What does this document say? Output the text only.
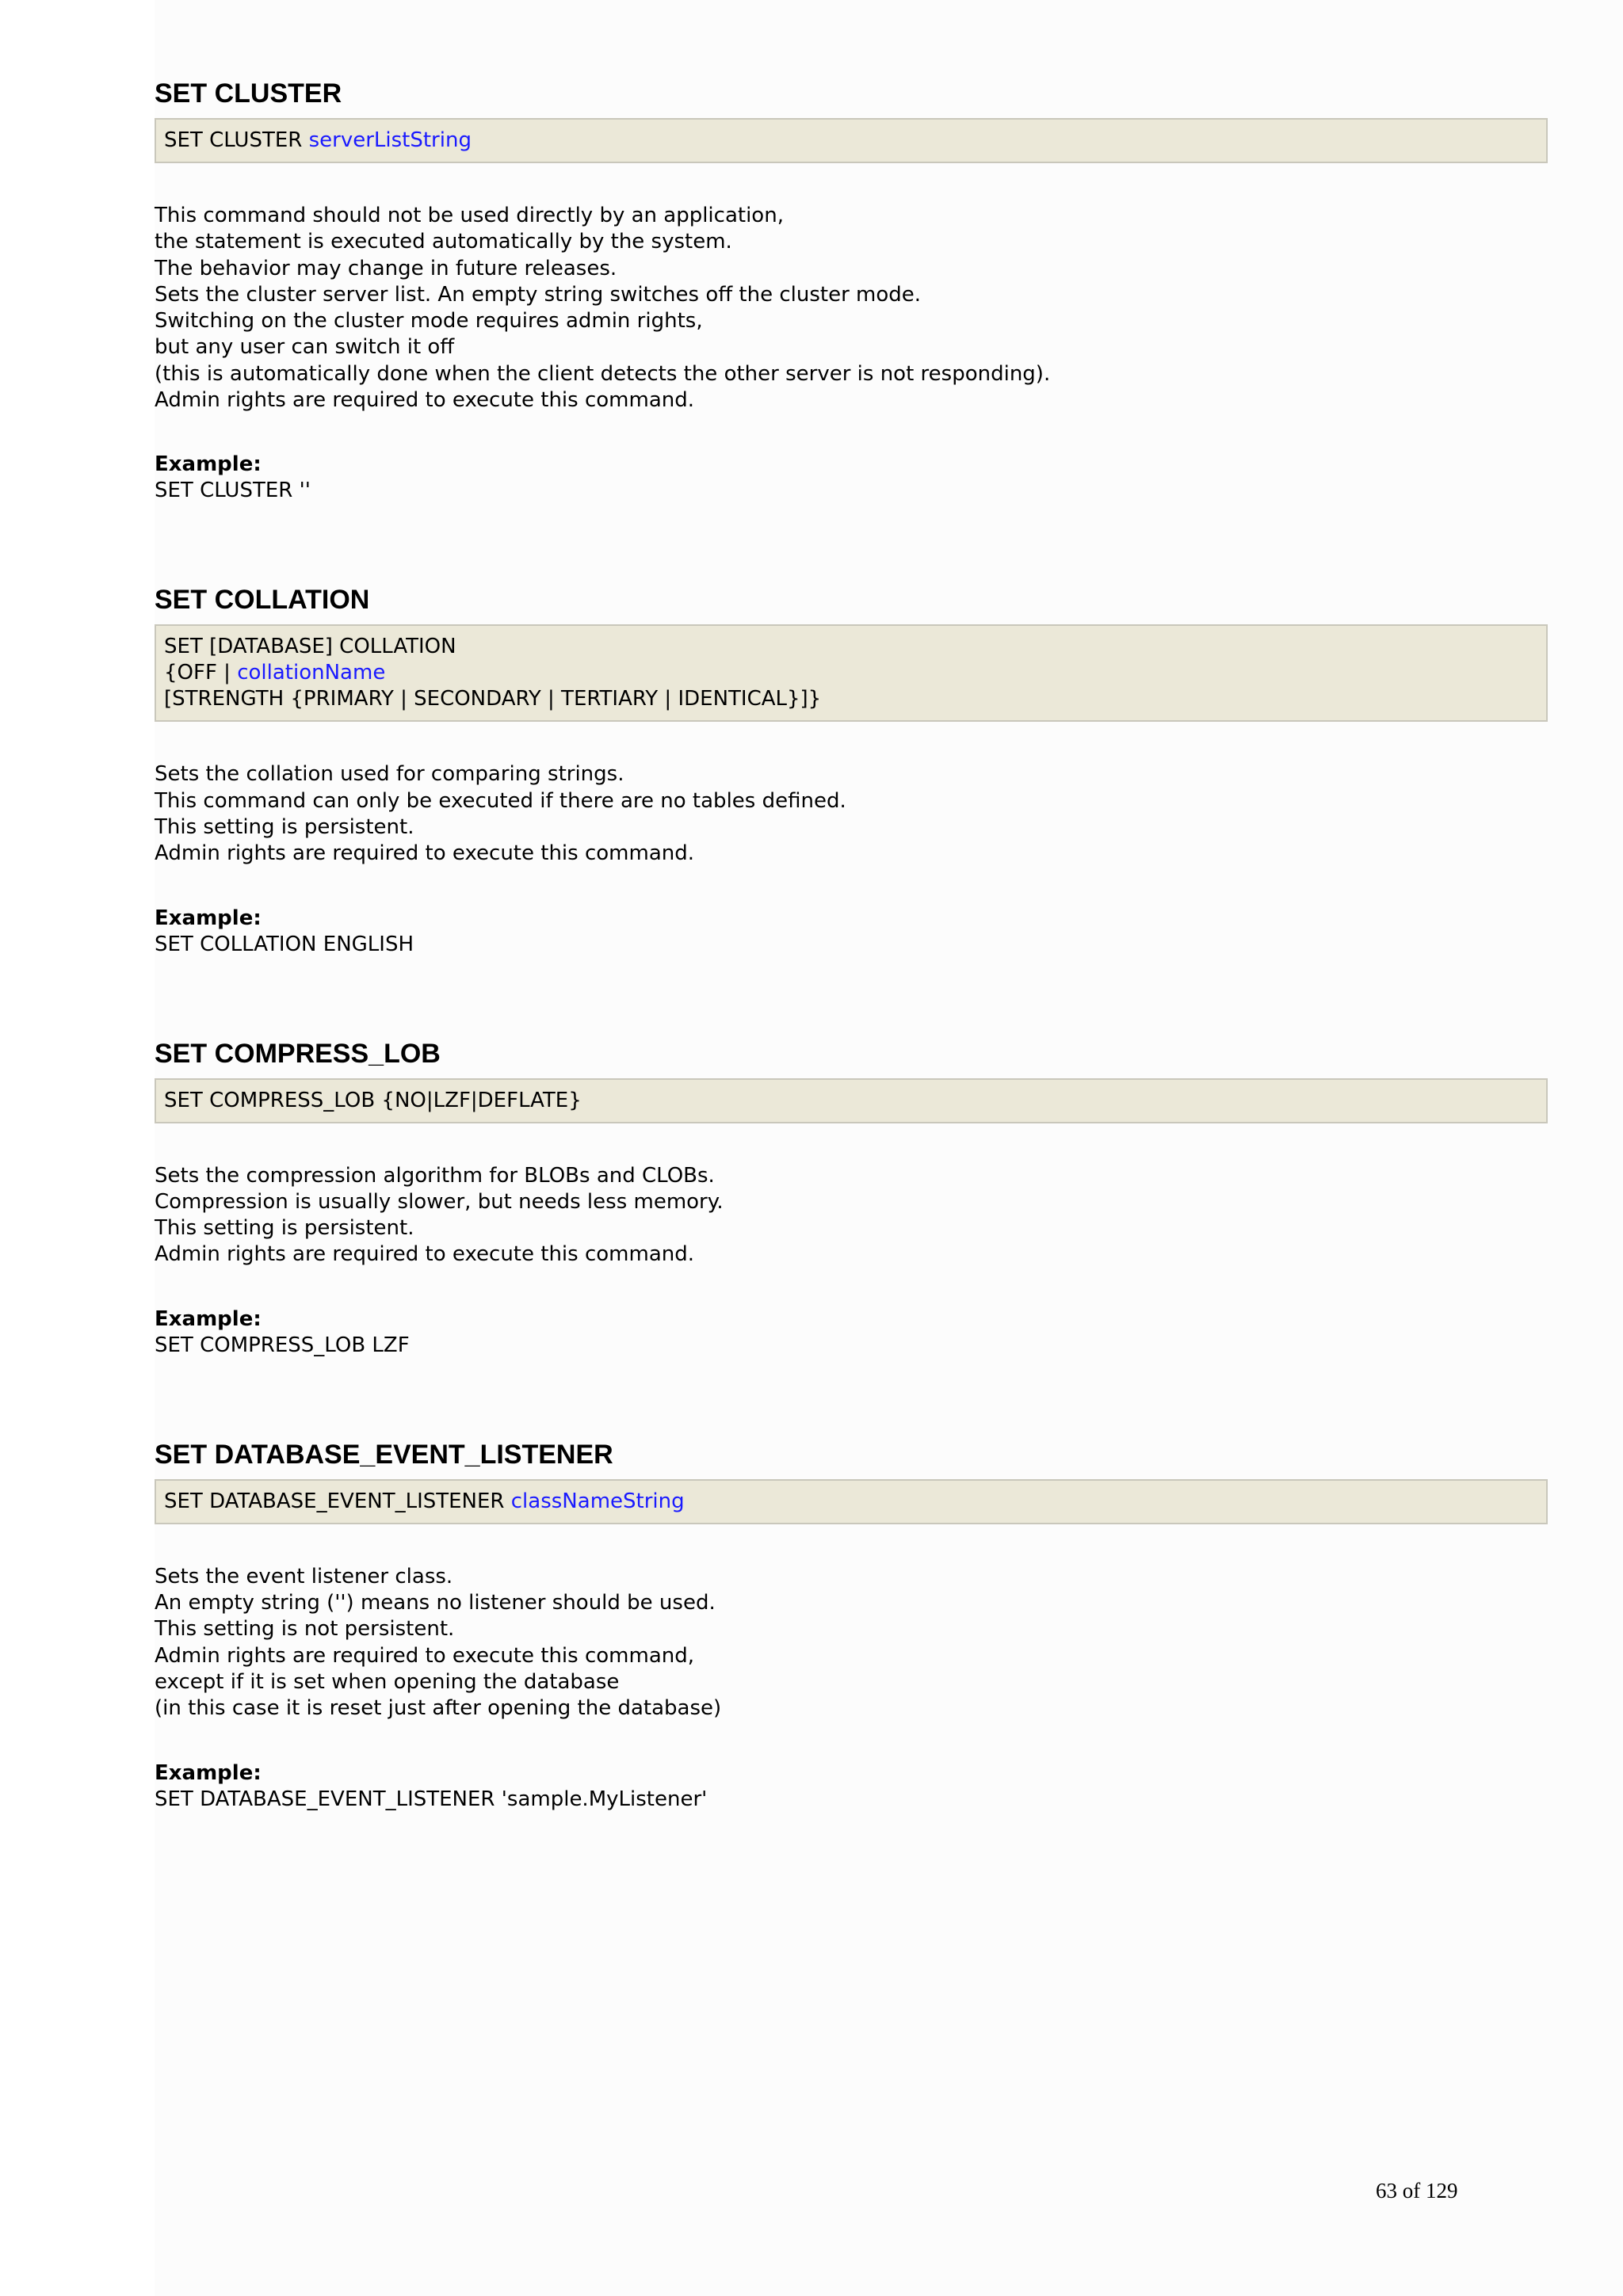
SET CLUSTER
SET CLUSTER serverListString
This command should not be used directly by an application,
the statement is executed automatically by the system.
The behavior may change in future releases.
Sets the cluster server list. An empty string switches off the cluster mode.
Switching on the cluster mode requires admin rights,
but any user can switch it off
(this is automatically done when the client detects the other server is not responding).
Admin rights are required to execute this command.
Example:
SET CLUSTER ''
SET COLLATION
SET [DATABASE] COLLATION
{OFF | collationName
[STRENGTH {PRIMARY | SECONDARY | TERTIARY | IDENTICAL}]}
Sets the collation used for comparing strings.
This command can only be executed if there are no tables defined.
This setting is persistent.
Admin rights are required to execute this command.
Example:
SET COLLATION ENGLISH
SET COMPRESS_LOB
SET COMPRESS_LOB {NO|LZF|DEFLATE}
Sets the compression algorithm for BLOBs and CLOBs.
Compression is usually slower, but needs less memory.
This setting is persistent.
Admin rights are required to execute this command.
Example:
SET COMPRESS_LOB LZF
SET DATABASE_EVENT_LISTENER
SET DATABASE_EVENT_LISTENER classNameString
Sets the event listener class.
An empty string ('') means no listener should be used.
This setting is not persistent.
Admin rights are required to execute this command,
except if it is set when opening the database
(in this case it is reset just after opening the database)
Example:
SET DATABASE_EVENT_LISTENER 'sample.MyListener'
63 of 129
